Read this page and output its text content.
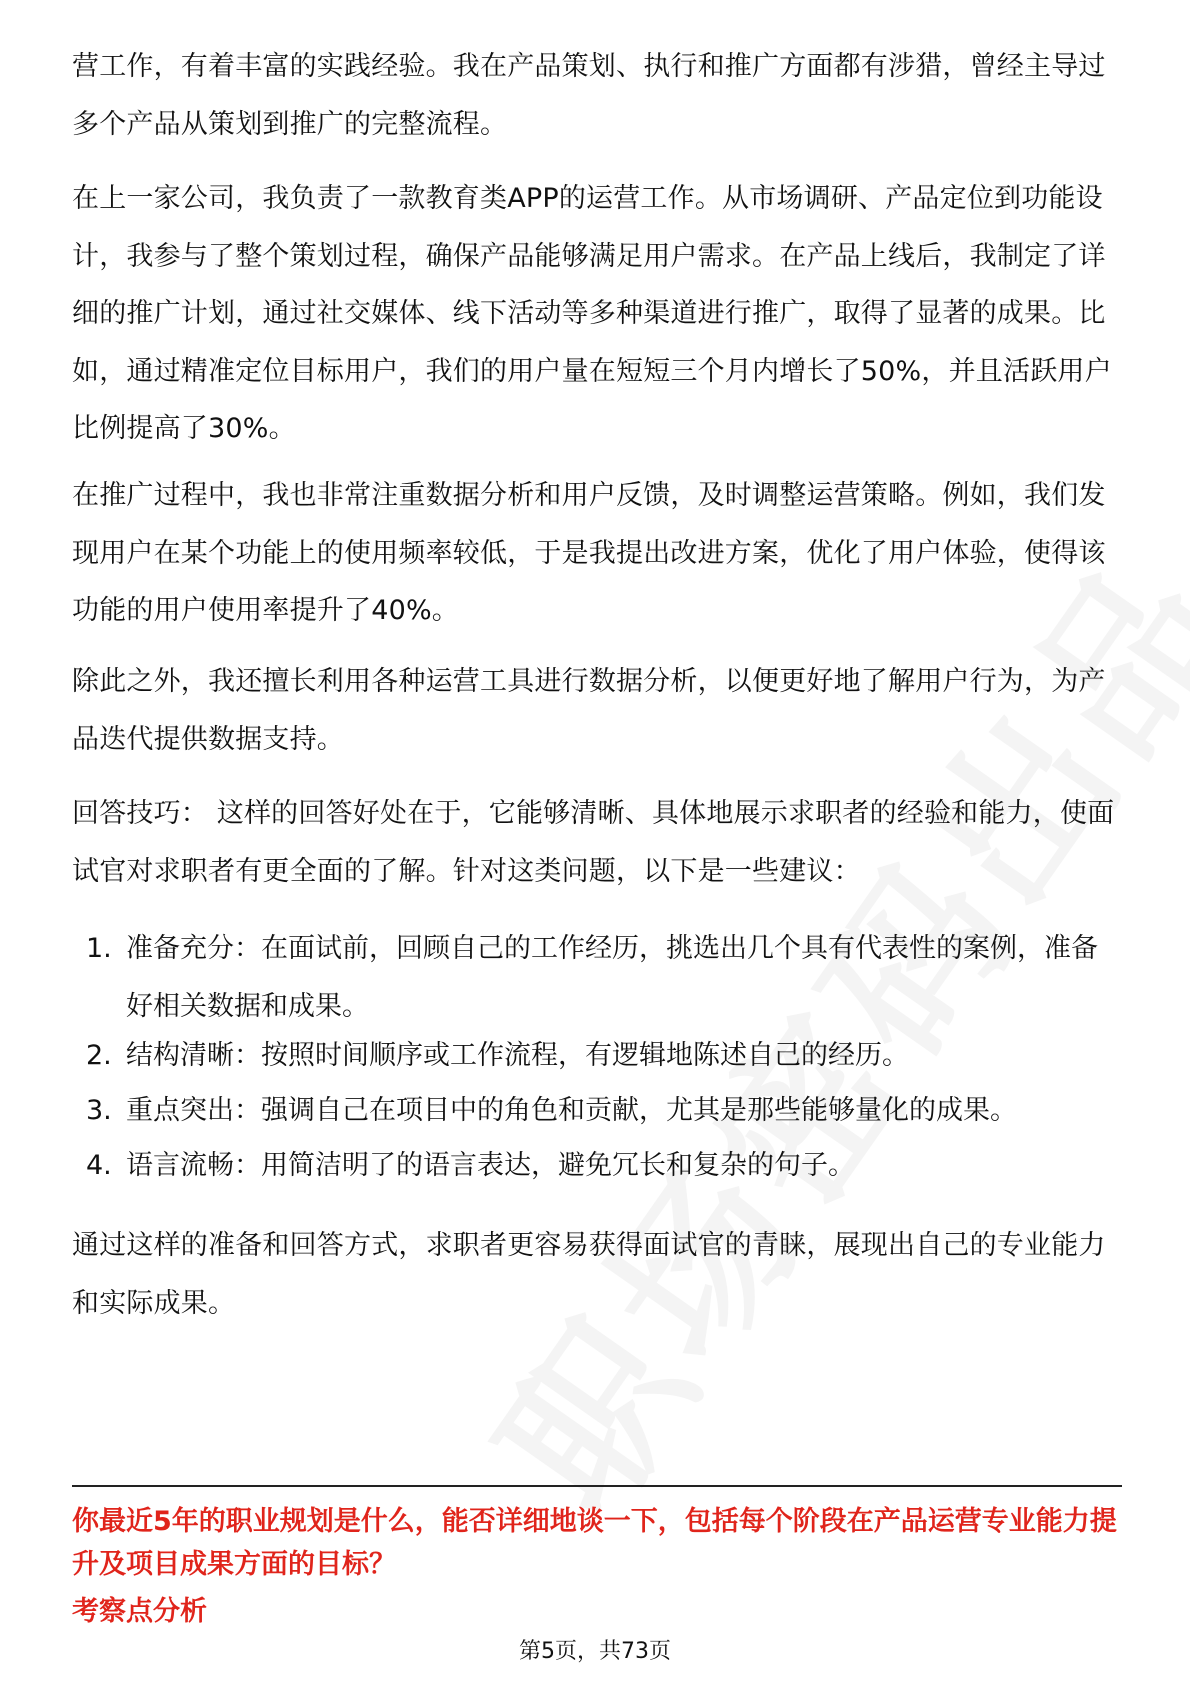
营工作，有着丰富的实践经验。我在产品策划、执行和推广方面都有涉猎，曾经主导过多个产品从策划到推广的完整流程。

在上一家公司，我负责了一款教育类APP的运营工作。从市场调研、产品定位到功能设计，我参与了整个策划过程，确保产品能够满足用户需求。在产品上线后，我制定了详细的推广计划，通过社交媒体、线下活动等多种渠道进行推广，取得了显著的成果。比如，通过精准定位目标用户，我们的用户量在短短三个月内增长了50%，并且活跃用户比例提高了30%。

在推广过程中，我也非常注重数据分析和用户反馈，及时调整运营策略。例如，我们发现用户在某个功能上的使用频率较低，于是我提出改进方案，优化了用户体验，使得该功能的用户使用率提升了40%。

除此之外，我还擅长利用各种运营工具进行数据分析，以便更好地了解用户行为，为产品迭代提供数据支持。

回答技巧： 这样的回答好处在于，它能够清晰、具体地展示求职者的经验和能力，使面试官对求职者有更全面的了解。针对这类问题，以下是一些建议：

1. 准备充分：在面试前，回顾自己的工作经历，挑选出几个具有代表性的案例，准备好相关数据和成果。
2. 结构清晰：按照时间顺序或工作流程，有逻辑地陈述自己的经历。
3. 重点突出：强调自己在项目中的角色和贡献，尤其是那些能够量化的成果。
4. 语言流畅：用简洁明了的语言表达，避免冗长和复杂的句子。

通过这样的准备和回答方式，求职者更容易获得面试官的青睐，展现出自己的专业能力和实际成果。

你最近5年的职业规划是什么，能否详细地谈一下，包括每个阶段在产品运营专业能力提升及项目成果方面的目标？
考察点分析
第5页，共73页
